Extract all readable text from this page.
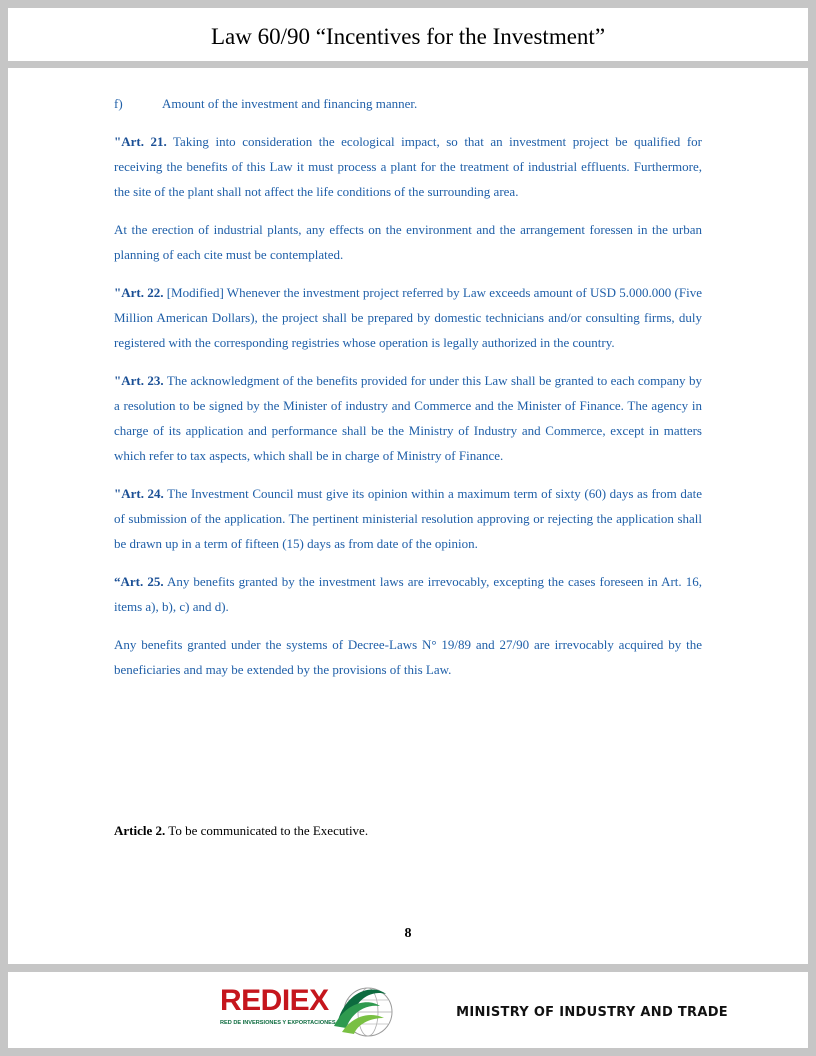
Law 60/90 “Incentives for the Investment”

f)	Amount of the investment and financing manner.

"Art. 21. Taking into consideration the ecological impact, so that an investment project be qualified for receiving the benefits of this Law it must process a plant for the treatment of industrial effluents. Furthermore, the site of the plant shall not affect the life conditions of the surrounding area.

At the erection of industrial plants, any effects on the environment and the arrangement foressen in the urban planning of each cite must be contemplated.

"Art. 22. [Modified] Whenever the investment project referred by Law exceeds amount of USD 5.000.000 (Five Million American Dollars), the project shall be prepared by domestic technicians and/or consulting firms, duly registered with the corresponding registries whose operation is legally authorized in the country.

"Art. 23. The acknowledgment of the benefits provided for under this Law shall be granted to each company by a resolution to be signed by the Minister of industry and Commerce and the Minister of Finance. The agency in charge of its application and performance shall be the Ministry of Industry and Commerce, except in matters which refer to tax aspects, which shall be in charge of Ministry of Finance.

"Art. 24. The Investment Council must give its opinion within a maximum term of sixty (60) days as from date of submission of the application. The pertinent ministerial resolution approving or rejecting the application shall be drawn up in a term of fifteen (15) days as from date of the opinion.

“Art. 25. Any benefits granted by the investment laws are irrevocably, excepting the cases foreseen in Art. 16, items a), b), c) and d).

Any benefits granted under the systems of Decree-Laws N° 19/89 and 27/90 are irrevocably acquired by the beneficiaries and may be extended by the provisions of this Law.

Article 2. To be communicated to the Executive.
8
REDIEX
RED DE INVERSIONES Y EXPORTACIONES
MINISTRY OF INDUSTRY AND TRADE
